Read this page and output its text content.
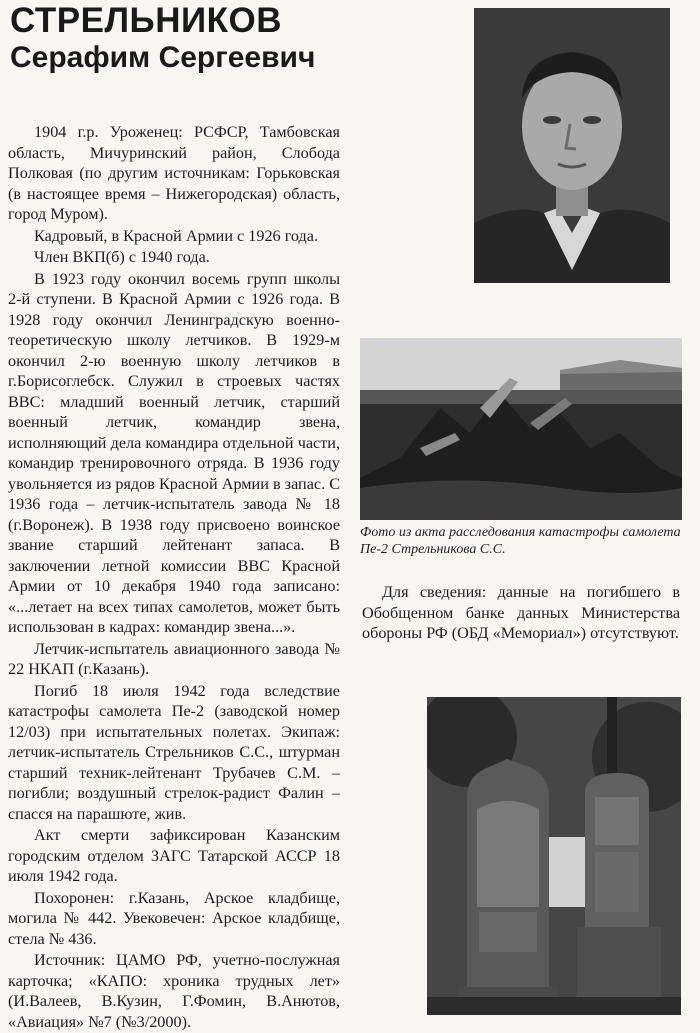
СТРЕЛЬНИКОВ
Серафим Сергеевич

1904 г.р. Уроженец: РСФСР, Тамбовская область, Мичуринский район, Слобода Полковая (по другим источникам: Горьковская (в настоящее время – Нижегородская) область, город Муром).

Кадровый, в Красной Армии с 1926 года.

Член ВКП(б) с 1940 года.

В 1923 году окончил восемь групп школы 2-й ступени. В Красной Армии с 1926 года. В 1928 году окончил Ленинградскую военно-теоретическую школу летчиков. В 1929-м окончил 2-ю военную школу летчиков в г.Борисоглебск. Служил в строевых частях ВВС: младший военный летчик, старший военный летчик, командир звена, исполняющий дела командира отдельной части, командир тренировочного отряда. В 1936 году увольняется из рядов Красной Армии в запас. С 1936 года – летчик-испытатель завода № 18 (г.Воронеж). В 1938 году присвоено воинское звание старший лейтенант запаса. В заключении летной комиссии ВВС Красной Армии от 10 декабря 1940 года записано: «...летает на всех типах самолетов, может быть использован в кадрах: командир звена...».

Летчик-испытатель авиационного завода № 22 НКАП (г.Казань).

Погиб 18 июля 1942 года вследствие катастрофы самолета Пе-2 (заводской номер 12/03) при испытательных полетах. Экипаж: летчик-испытатель Стрельников С.С., штурман старший техник-лейтенант Трубачев С.М. – погибли; воздушный стрелок-радист Фалин – спасся на парашюте, жив.

Акт смерти зафиксирован Казанским городским отделом ЗАГС Татарской АССР 18 июля 1942 года.

Похоронен: г.Казань, Арское кладбище, могила № 442. Увековечен: Арское кладбище, стела № 436.

Источник: ЦАМО РФ, учетно-послужная карточка; «КАПО: хроника трудных лет» (И.Валеев, В.Кузин, Г.Фомин, В.Анютов, «Авиация» №7 (№3/2000).

Фото из акта расследования катастрофы самолета Пе-2 Стрельникова С.С.
Для сведения: данные на погибшего в Обобщенном банке данных Министерства обороны РФ (ОБД «Мемориал») отсутствуют.
